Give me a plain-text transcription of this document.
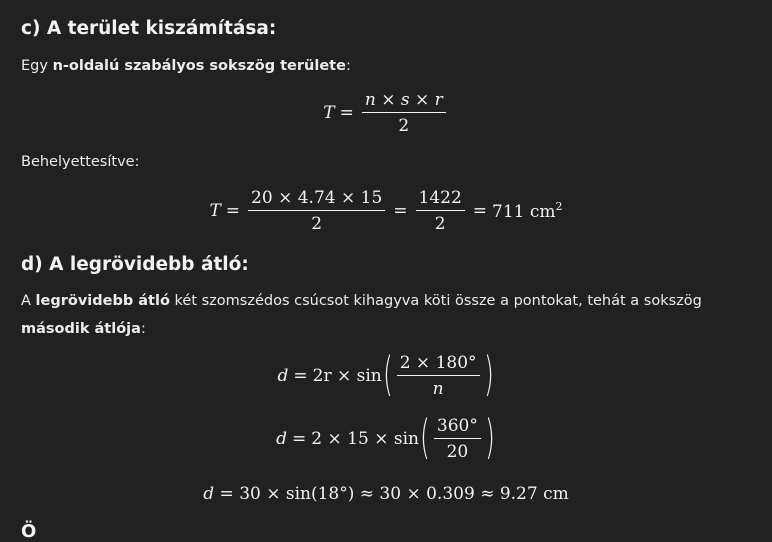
c) A terület kiszámítása:

Egy n-oldalú szabályos sokszög területe:

$T = \frac{n \times s \times r}{2}$

Behelyettesítve:

$T = \frac{20 \times 4.74 \times 15}{2} = \frac{1422}{2} = 711$ $cm^2$
d) A legrövidebb átló:

A legrövidebb átló két szomszédos csúcsot kihagyva köti össze a pontokat, tehát a sokszög második átlója:

d = 2r × sin ( $\frac{2 \times 180^\circ}{n}$ )
d = 2 × 15 × sin ( $\frac{360^\circ}{20}$ )
d
= 30 × sin(18°) ≈ 30 × 0.309 ≈ 9.27 cm
Ö
